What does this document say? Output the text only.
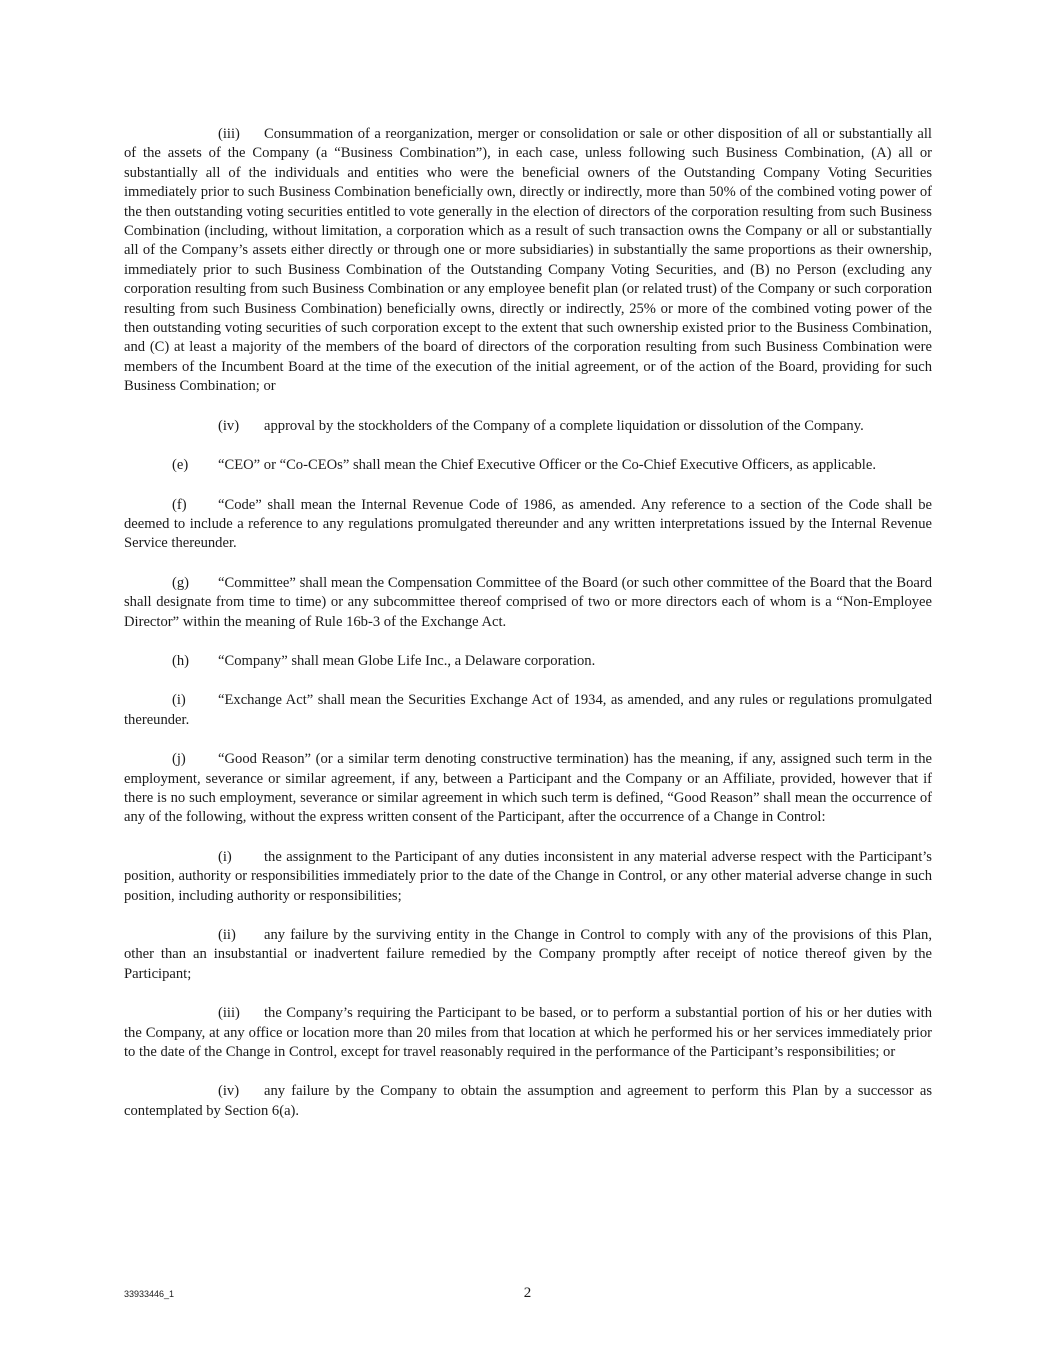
(iii) Consummation of a reorganization, merger or consolidation or sale or other disposition of all or substantially all of the assets of the Company (a “Business Combination”), in each case, unless following such Business Combination, (A) all or substantially all of the individuals and entities who were the beneficial owners of the Outstanding Company Voting Securities immediately prior to such Business Combination beneficially own, directly or indirectly, more than 50% of the combined voting power of the then outstanding voting securities entitled to vote generally in the election of directors of the corporation resulting from such Business Combination (including, without limitation, a corporation which as a result of such transaction owns the Company or all or substantially all of the Company’s assets either directly or through one or more subsidiaries) in substantially the same proportions as their ownership, immediately prior to such Business Combination of the Outstanding Company Voting Securities, and (B) no Person (excluding any corporation resulting from such Business Combination or any employee benefit plan (or related trust) of the Company or such corporation resulting from such Business Combination) beneficially owns, directly or indirectly, 25% or more of the combined voting power of the then outstanding voting securities of such corporation except to the extent that such ownership existed prior to the Business Combination, and (C) at least a majority of the members of the board of directors of the corporation resulting from such Business Combination were members of the Incumbent Board at the time of the execution of the initial agreement, or of the action of the Board, providing for such Business Combination; or

(iv) approval by the stockholders of the Company of a complete liquidation or dissolution of the Company.

(e) “CEO” or “Co-CEOs” shall mean the Chief Executive Officer or the Co-Chief Executive Officers, as applicable.

(f) “Code” shall mean the Internal Revenue Code of 1986, as amended. Any reference to a section of the Code shall be deemed to include a reference to any regulations promulgated thereunder and any written interpretations issued by the Internal Revenue Service thereunder.

(g) “Committee” shall mean the Compensation Committee of the Board (or such other committee of the Board that the Board shall designate from time to time) or any subcommittee thereof comprised of two or more directors each of whom is a “Non-Employee Director” within the meaning of Rule 16b-3 of the Exchange Act.

(h) “Company” shall mean Globe Life Inc., a Delaware corporation.

(i) “Exchange Act” shall mean the Securities Exchange Act of 1934, as amended, and any rules or regulations promulgated thereunder.

(j) “Good Reason” (or a similar term denoting constructive termination) has the meaning, if any, assigned such term in the employment, severance or similar agreement, if any, between a Participant and the Company or an Affiliate, provided, however that if there is no such employment, severance or similar agreement in which such term is defined, “Good Reason” shall mean the occurrence of any of the following, without the express written consent of the Participant, after the occurrence of a Change in Control:

(i) the assignment to the Participant of any duties inconsistent in any material adverse respect with the Participant’s position, authority or responsibilities immediately prior to the date of the Change in Control, or any other material adverse change in such position, including authority or responsibilities;

(ii) any failure by the surviving entity in the Change in Control to comply with any of the provisions of this Plan, other than an insubstantial or inadvertent failure remedied by the Company promptly after receipt of notice thereof given by the Participant;

(iii) the Company’s requiring the Participant to be based, or to perform a substantial portion of his or her duties with the Company, at any office or location more than 20 miles from that location at which he performed his or her services immediately prior to the date of the Change in Control, except for travel reasonably required in the performance of the Participant’s responsibilities; or

(iv) any failure by the Company to obtain the assumption and agreement to perform this Plan by a successor as contemplated by Section 6(a).

33933446_1	2
